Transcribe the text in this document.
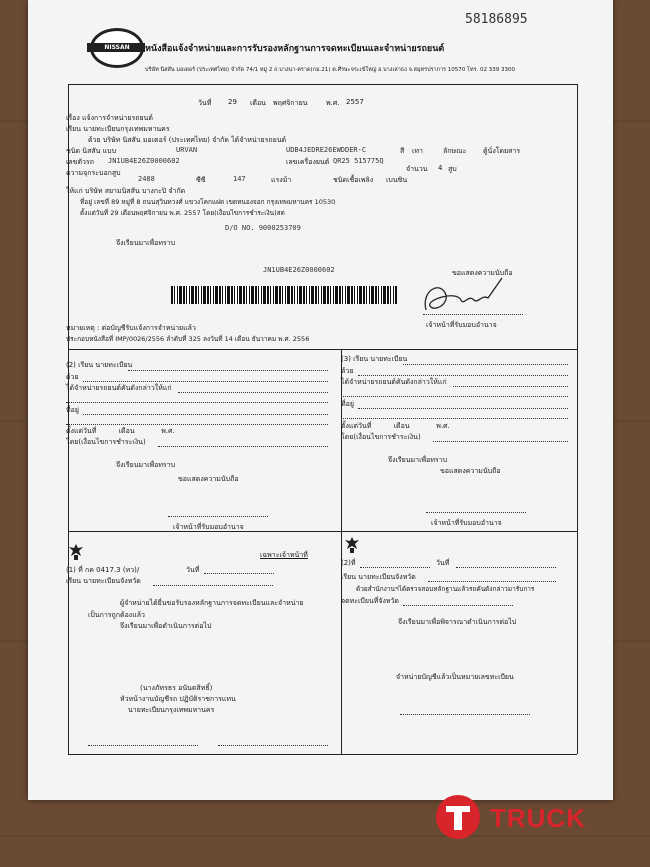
58186895
NISSAN	หนังสือแจ้งจำหน่ายและการรับรองหลักฐานการจดทะเบียนและจำหน่ายรถยนต์
บริษัท นิสสัน มอเตอร์ (ประเทศไทย) จำกัด 74/1 หมู่ 2 ถ.บางนา-ตราด(กม.21) ต.ศีรษะจระเข้ใหญ่ อ.บางเสาธง จ.สมุทรปราการ 10570 โทร. 02 339 3300
วันที่ 29 เดือน พฤศจิกายน	พ.ศ. 2557
เรื่อง แจ้งการจำหน่ายรถยนต์
เรียน นายทะเบียนกรุงเทพมหานคร
ด้วย บริษัท นิสสัน มอเตอร์ (ประเทศไทย) จำกัด ได้จำหน่ายรถยนต์
ชนิด นิสสัน แบบ	URVAN	UDB4JEDRE26EWDDER-C	สี เทา	ลักษณะ ตู้นั่งโดยสาร
เลขตัวรถ JN1UB4E26Z0000602	เลขเครื่องยนต์ QR25 515775Q
จำนวน 4 สูบ
ความจุกระบอกสูบ
2488	ซีซี	147	แรงม้า	ชนิดเชื้อเพลิง เบนซิน
ให้แก่ บริษัท สยามนิสสัน บางกะปิ จำกัด
ที่อยู่ เลขที่ 89 หมู่ที่ 8 ถนนสุวินทวงศ์ แขวงโคกแฝด เขตหนองจอก กรุงเทพมหานคร 10530
ตั้งแต่วันที่ 29 เดือนพฤศจิกายน พ.ศ. 2557 โดย(เงื่อนไขการชำระเงิน)สด
D/O NO. 9000253709
จึงเรียนมาเพื่อทราบ
JN1UB4E26Z0000602	ขอแสดงความนับถือ
เจ้าหน้าที่รับมอบอำนาจ
หมายเหตุ : ต่อบัญชีรับแจ้งการจำหน่ายแล้ว
ประกอบหนังสือที่ IMP/0026/2556 ลำดับที่ 325 ลงวันที่ 14 เดือน ธันวาคม พ.ศ. 2556
(2) เรียน นายทะเบียน
ด้วย
ได้จำหน่ายรถยนต์คันดังกล่าวให้แก่
ที่อยู่
ตั้งแต่วันที่	เดือน	พ.ศ.
โดย(เงื่อนไขการชำระเงิน)
จึงเรียนมาเพื่อทราบ
ขอแสดงความนับถือ
เจ้าหน้าที่รับมอบอำนาจ
(3) เรียน นายทะเบียน
ด้วย
ได้จำหน่ายรถยนต์คันดังกล่าวให้แก่
ที่อยู่
ตั้งแต่วันที่	เดือน	พ.ศ.
โดย(เงื่อนไขการชำระเงิน)
จึงเรียนมาเพื่อทราบ
ขอแสดงความนับถือ
เจ้าหน้าที่รับมอบอำนาจ
เฉพาะเจ้าหน้าที่
(1) ที่ กค 0417.3 (ทว)/	วันที่
เรียน นายทะเบียนจังหวัด
ผู้จำหน่ายได้ยื่นขอรับรองหลักฐานการจดทะเบียนและจำหน่าย
เป็นการถูกต้องแล้ว
จึงเรียนมาเพื่อดำเนินการต่อไป
(นางภัทรธร อนันตสิทธิ์)
หัวหน้างานบัญชีรถ ปฏิบัติราชการแทน
นายทะเบียนกรุงเทพมหานคร
(2)ที่	วันที่
เรียน นายทะเบียนจังหวัด
ด้วยสำนักงานฯได้ตรวจสอบหลักฐานแล้วรถคันดังกล่าวมารับการ
จดทะเบียนที่จังหวัด
จึงเรียนมาเพื่อพิจารณาดำเนินการต่อไป
จำหน่ายบัญชีแล้วเป็นหมายเลขทะเบียน
TRUCK
